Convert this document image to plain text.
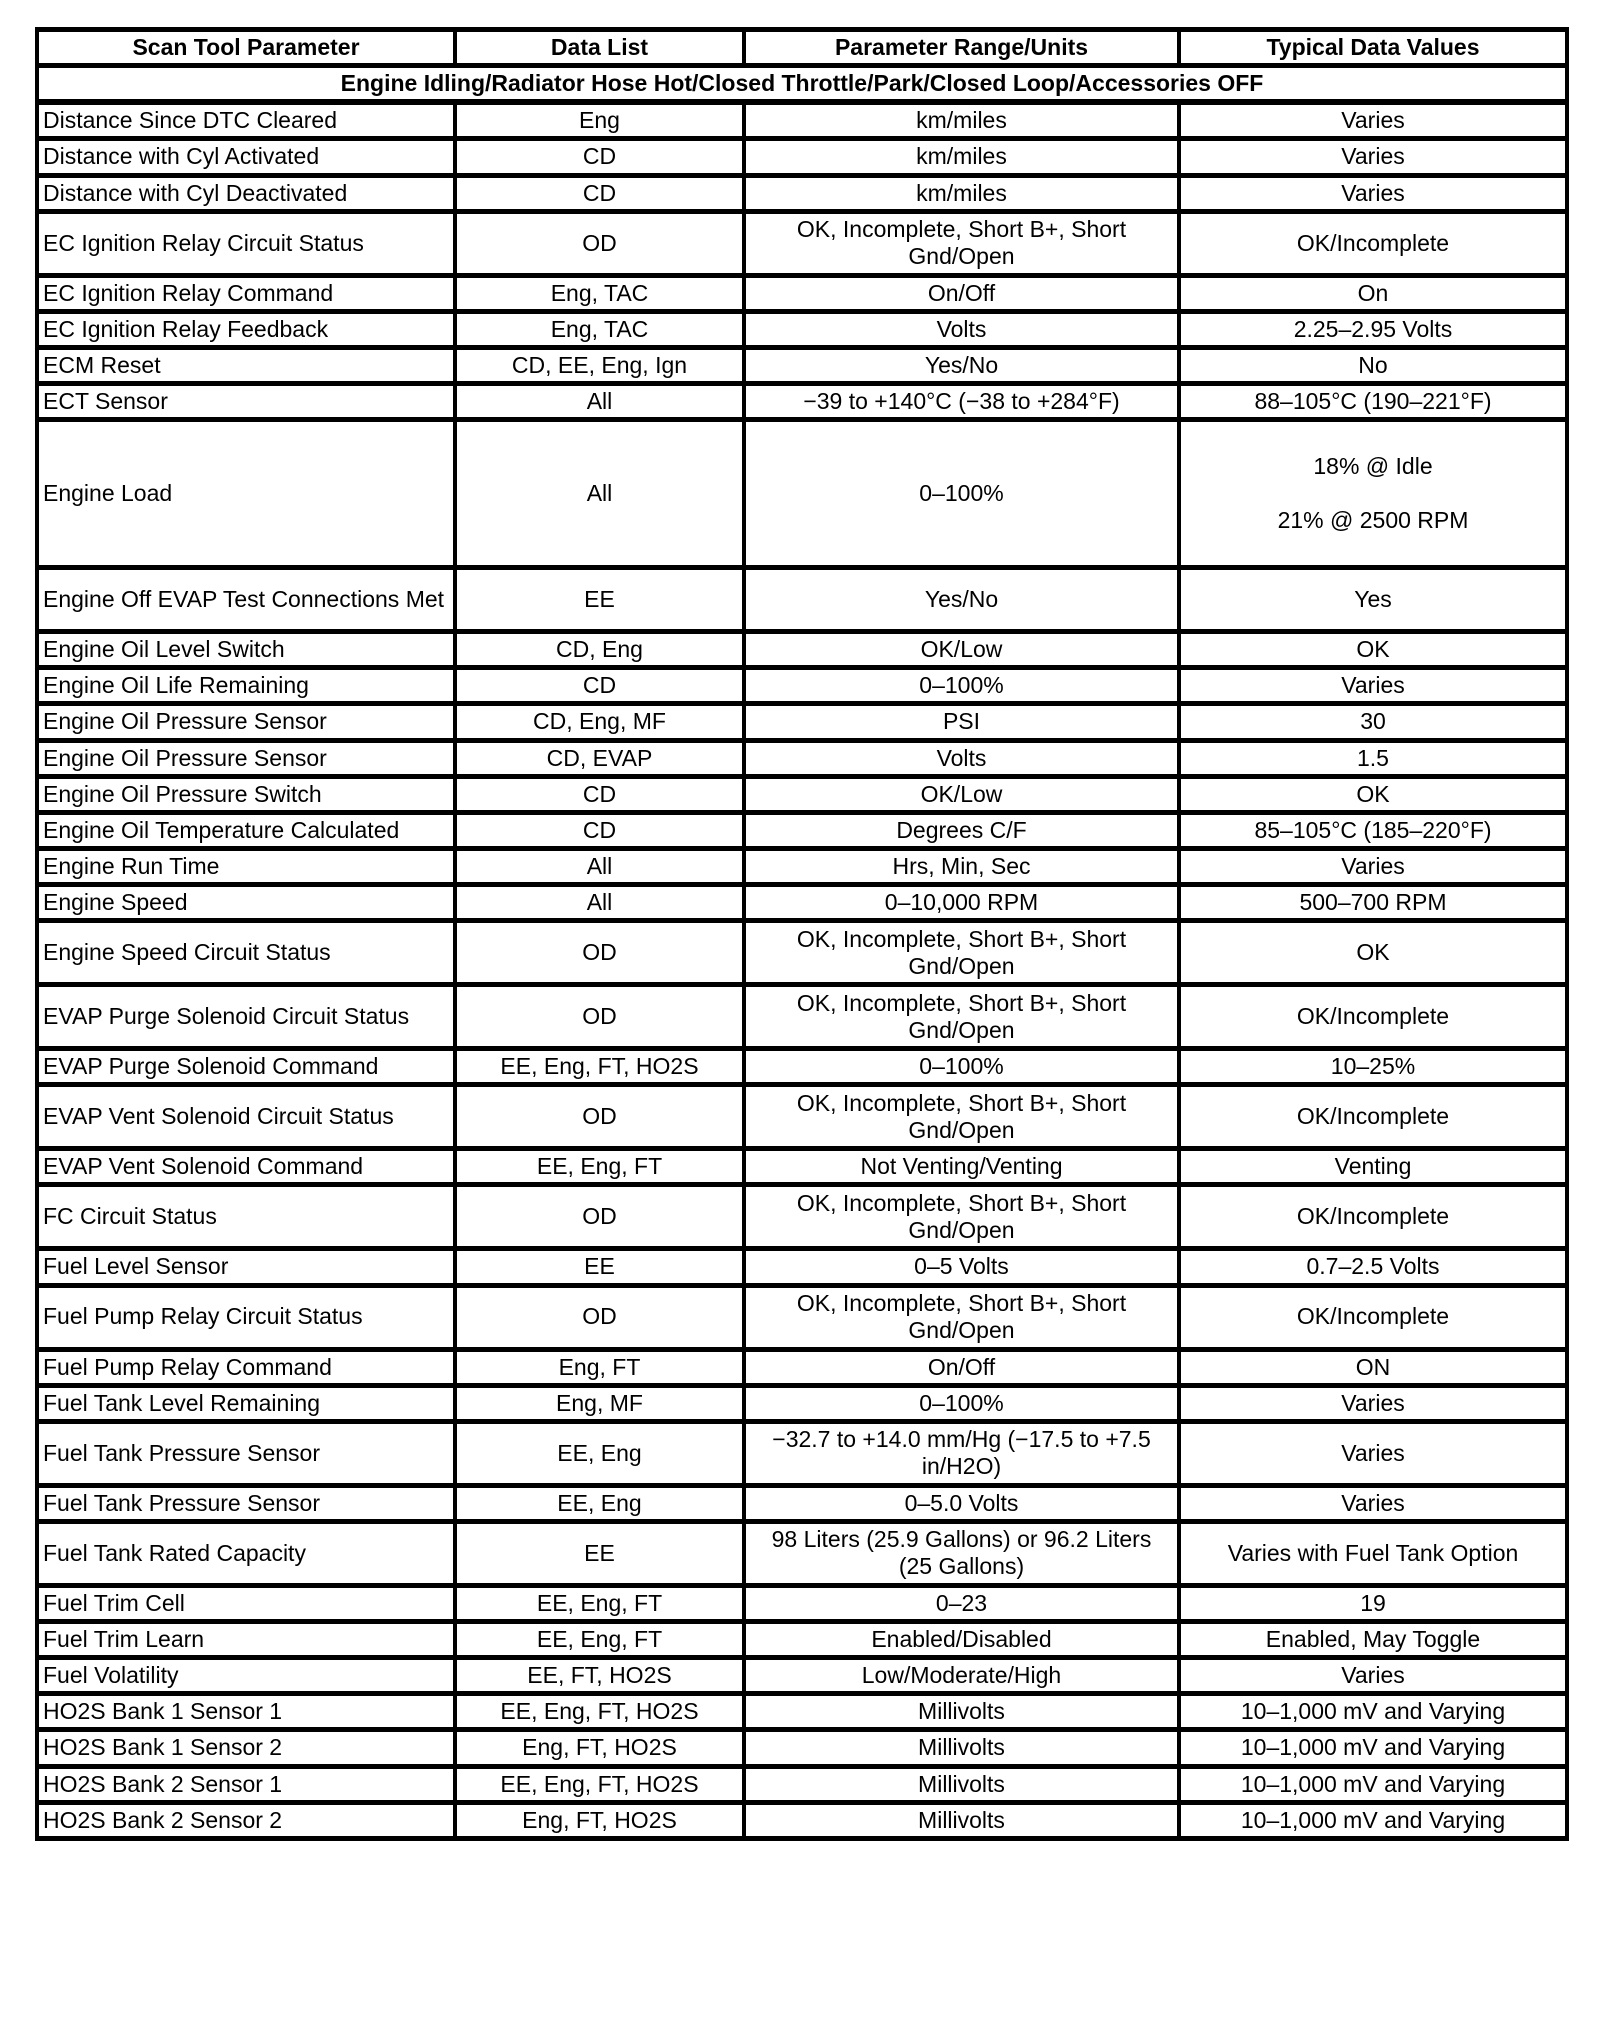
Scan Tool Parameter	Data List	Parameter Range/Units	Typical Data Values
Engine Idling/Radiator Hose Hot/Closed Throttle/Park/Closed Loop/Accessories OFF			
Distance Since DTC Cleared	Eng	km/miles	Varies
Distance with Cyl Activated	CD	km/miles	Varies
Distance with Cyl Deactivated	CD	km/miles	Varies
EC Ignition Relay Circuit Status	OD	OK, Incomplete, Short B+, Short Gnd/Open	OK/Incomplete
EC Ignition Relay Command	Eng, TAC	On/Off	On
EC Ignition Relay Feedback	Eng, TAC	Volts	2.25–2.95 Volts
ECM Reset	CD, EE, Eng, Ign	Yes/No	No
ECT Sensor	All	−39 to +140°C (−38 to +284°F)	88–105°C (190–221°F)
Engine Load	All	0–100%	18% @ Idle

21% @ 2500 RPM
Engine Off EVAP Test Connections Met	EE	Yes/No	Yes
Engine Oil Level Switch	CD, Eng	OK/Low	OK
Engine Oil Life Remaining	CD	0–100%	Varies
Engine Oil Pressure Sensor	CD, Eng, MF	PSI	30
Engine Oil Pressure Sensor	CD, EVAP	Volts	1.5
Engine Oil Pressure Switch	CD	OK/Low	OK
Engine Oil Temperature Calculated	CD	Degrees C/F	85–105°C (185–220°F)
Engine Run Time	All	Hrs, Min, Sec	Varies
Engine Speed	All	0–10,000 RPM	500–700 RPM
Engine Speed Circuit Status	OD	OK, Incomplete, Short B+, Short Gnd/Open	OK
EVAP Purge Solenoid Circuit Status	OD	OK, Incomplete, Short B+, Short Gnd/Open	OK/Incomplete
EVAP Purge Solenoid Command	EE, Eng, FT, HO2S	0–100%	10–25%
EVAP Vent Solenoid Circuit Status	OD	OK, Incomplete, Short B+, Short Gnd/Open	OK/Incomplete
EVAP Vent Solenoid Command	EE, Eng, FT	Not Venting/Venting	Venting
FC Circuit Status	OD	OK, Incomplete, Short B+, Short Gnd/Open	OK/Incomplete
Fuel Level Sensor	EE	0–5 Volts	0.7–2.5 Volts
Fuel Pump Relay Circuit Status	OD	OK, Incomplete, Short B+, Short Gnd/Open	OK/Incomplete
Fuel Pump Relay Command	Eng, FT	On/Off	ON
Fuel Tank Level Remaining	Eng, MF	0–100%	Varies
Fuel Tank Pressure Sensor	EE, Eng	−32.7 to +14.0 mm/Hg (−17.5 to +7.5 in/H2O)	Varies
Fuel Tank Pressure Sensor	EE, Eng	0–5.0 Volts	Varies
Fuel Tank Rated Capacity	EE	98 Liters (25.9 Gallons) or 96.2 Liters (25 Gallons)	Varies with Fuel Tank Option
Fuel Trim Cell	EE, Eng, FT	0–23	19
Fuel Trim Learn	EE, Eng, FT	Enabled/Disabled	Enabled, May Toggle
Fuel Volatility	EE, FT, HO2S	Low/Moderate/High	Varies
HO2S Bank 1 Sensor 1	EE, Eng, FT, HO2S	Millivolts	10–1,000 mV and Varying
HO2S Bank 1 Sensor 2	Eng, FT, HO2S	Millivolts	10–1,000 mV and Varying
HO2S Bank 2 Sensor 1	EE, Eng, FT, HO2S	Millivolts	10–1,000 mV and Varying
HO2S Bank 2 Sensor 2	Eng, FT, HO2S	Millivolts	10–1,000 mV and Varying
